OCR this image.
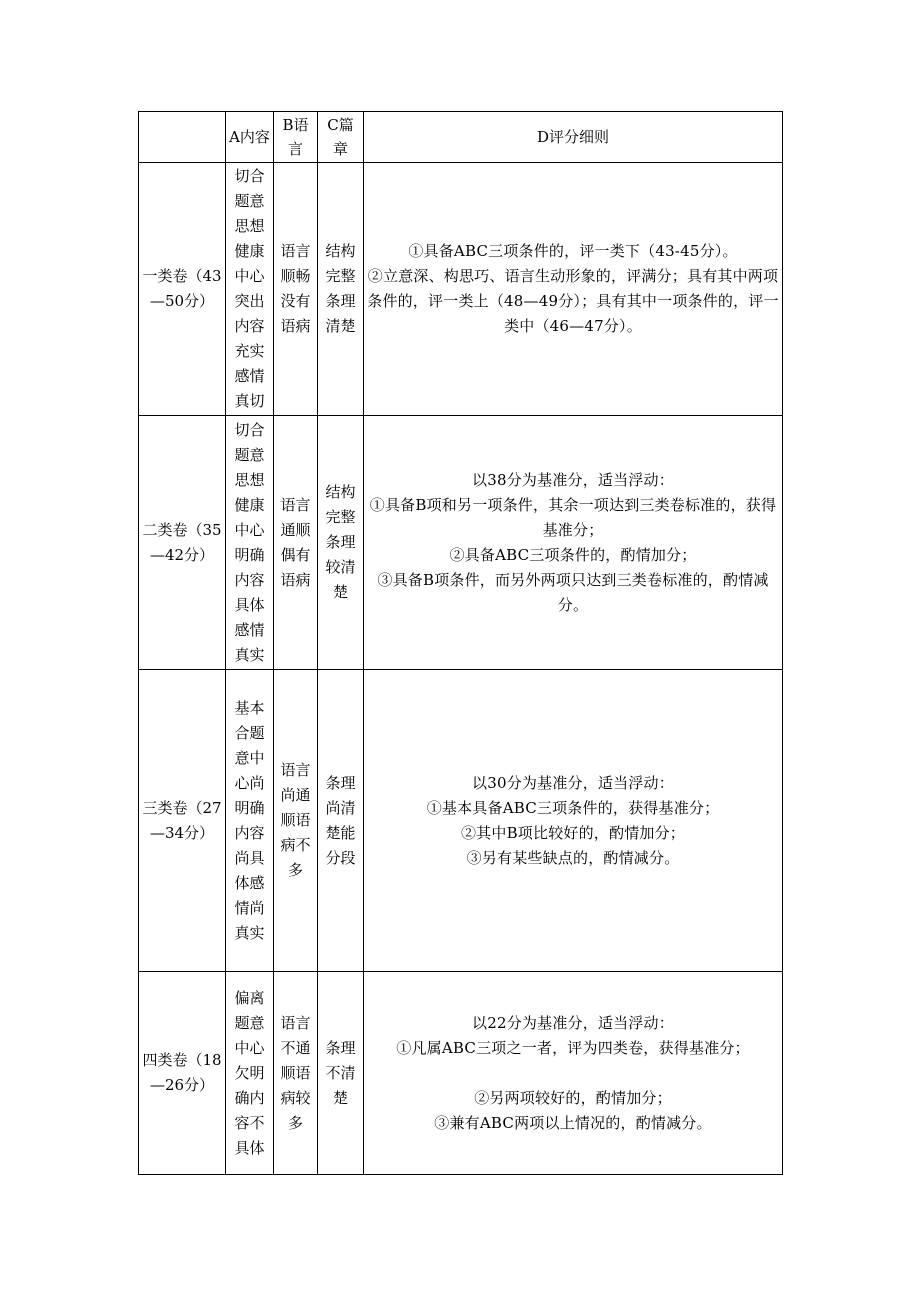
	A内容	B语言	C篇章	D评分细则
一类卷（43—50分）	切合题意思想健康中心突出内容充实感情真切	语言顺畅没有语病	结构完整条理清楚	①具备ABC三项条件的，评一类下（43-45分）。
②立意深、构思巧、语言生动形象的，评满分；具有其中两项条件的，评一类上（48—49分）；具有其中一项条件的，评一类中（46—47分）。
二类卷（35—42分）	切合题意思想健康中心明确内容具体感情真实	语言通顺偶有语病	结构完整条理较清楚	以38分为基准分，适当浮动：
①具备B项和另一项条件，其余一项达到三类卷标准的，获得基准分；
②具备ABC三项条件的，酌情加分；
③具备B项条件，而另外两项只达到三类卷标准的，酌情减分。
三类卷（27—34分）	基本合题意中心尚明确内容尚具体感情尚真实	语言尚通顺语病不多	条理尚清楚能分段	以30分为基准分，适当浮动：
①基本具备ABC三项条件的，获得基准分；
②其中B项比较好的，酌情加分；
③另有某些缺点的，酌情减分。
四类卷（18—26分）	偏离题意中心欠明确内容不具体	语言不通顺语病较多	条理不清楚	以22分为基准分，适当浮动：
①凡属ABC三项之一者，评为四类卷，获得基准分；

②另两项较好的，酌情加分；
③兼有ABC两项以上情况的，酌情减分。
